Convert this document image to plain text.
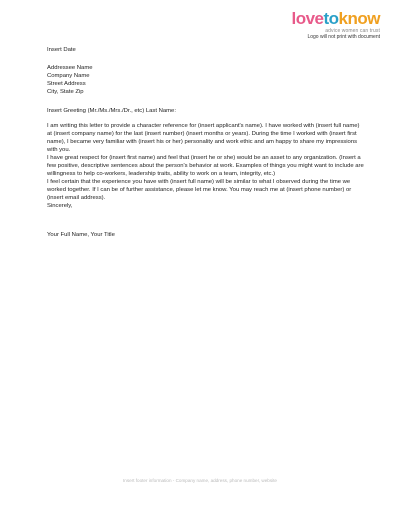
lovetoknow
advice women can trust
Logo will not print with document

Insert Date

Addressee Name

Company Name

Street Address

City, State Zip

Insert Greeting (Mr./Ms./Mrs./Dr., etc) Last Name:

I am writing this letter to provide a character reference for (insert applicant's name). I have worked with (insert full name) at (insert company name) for the last (insert number) (insert months or years). During the time I worked with (insert first name), I became very familiar with (insert his or her) personality and work ethic and am happy to share my impressions with you.

I have great respect for (insert first name) and feel that (insert he or she) would be an asset to any organization. (Insert a few positive, descriptive sentences about the person's behavior at work. Examples of things you might want to include are willingness to help co-workers, leadership traits, ability to work on a team, integrity, etc.)

I feel certain that the experience you have with (insert full name) will be similar to what I observed during the time we worked together. If I can be of further assistance, please let me know. You may reach me at (insert phone number) or (insert email address).

Sincerely,

Your Full Name, Your Title

Insert footer information - Company name, address, phone number, website
